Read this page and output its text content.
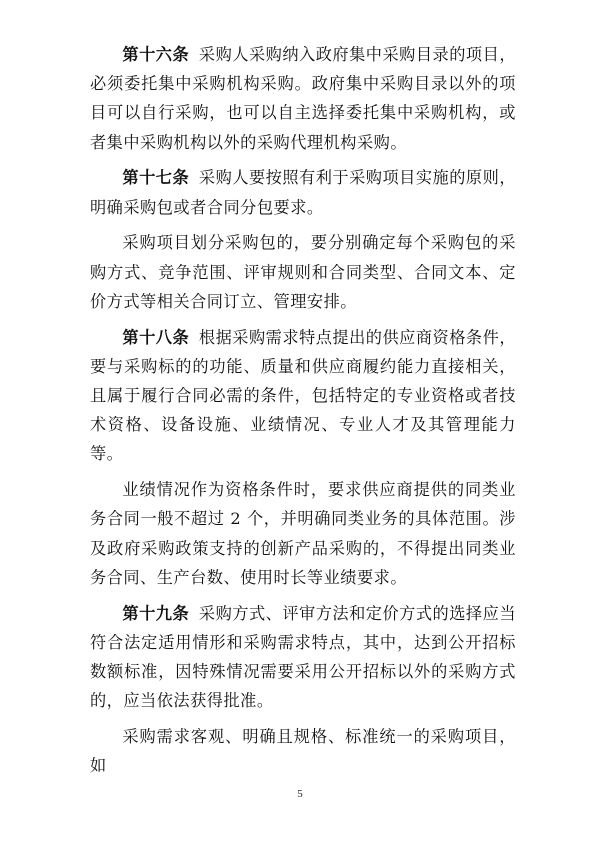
第十六条 采购人采购纳入政府集中采购目录的项目，必须委托集中采购机构采购。政府集中采购目录以外的项目可以自行采购，也可以自主选择委托集中采购机构，或者集中采购机构以外的采购代理机构采购。

第十七条 采购人要按照有利于采购项目实施的原则，明确采购包或者合同分包要求。

采购项目划分采购包的，要分别确定每个采购包的采购方式、竞争范围、评审规则和合同类型、合同文本、定价方式等相关合同订立、管理安排。

第十八条 根据采购需求特点提出的供应商资格条件，要与采购标的的功能、质量和供应商履约能力直接相关，且属于履行合同必需的条件，包括特定的专业资格或者技术资格、设备设施、业绩情况、专业人才及其管理能力等。

业绩情况作为资格条件时，要求供应商提供的同类业务合同一般不超过 2 个，并明确同类业务的具体范围。涉及政府采购政策支持的创新产品采购的，不得提出同类业务合同、生产台数、使用时长等业绩要求。

第十九条 采购方式、评审方法和定价方式的选择应当符合法定适用情形和采购需求特点，其中，达到公开招标数额标准，因特殊情况需要采用公开招标以外的采购方式的，应当依法获得批准。

采购需求客观、明确且规格、标准统一的采购项目，如

5
